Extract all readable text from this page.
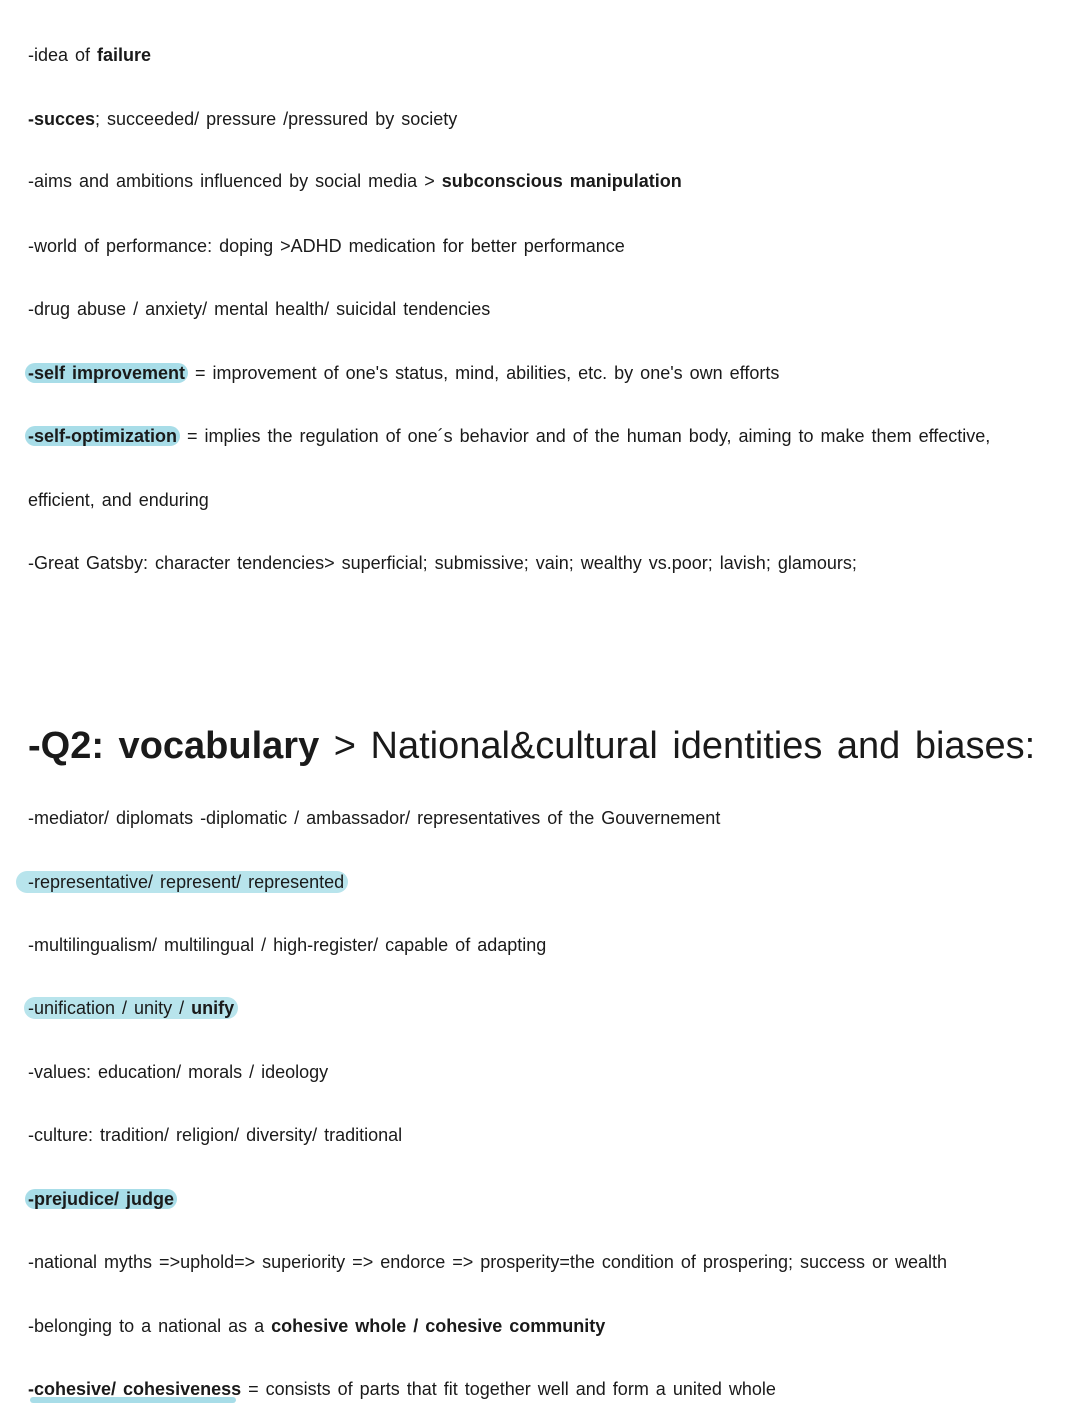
-idea of failure
-succes; succeeded/ pressure /pressured by society
-aims and ambitions influenced by social media > subconscious manipulation
-world of performance: doping >ADHD medication for better performance
-drug abuse / anxiety/ mental health/ suicidal tendencies
-self improvement = improvement of one's status, mind, abilities, etc. by one's own efforts
-self-optimization = implies the regulation of one´s behavior and of the human body, aiming to make them effective,
efficient, and enduring
-Great Gatsby: character tendencies> superficial; submissive; vain; wealthy vs.poor; lavish; glamours;
-Q2: vocabulary > National&cultural identities and biases:
-mediator/ diplomats -diplomatic / ambassador/ representatives of the Gouvernement
-representative/ represent/ represented
-multilingualism/ multilingual / high-register/ capable of adapting
-unification / unity / unify
-values: education/ morals / ideology
-culture: tradition/ religion/ diversity/ traditional
-prejudice/ judge
-national myths =>uphold=> superiority => endorce => prosperity=the condition of prospering; success or wealth
-belonging to a national as a cohesive whole / cohesive community
-cohesive/ cohesiveness = consists of parts that fit together well and form a united whole
